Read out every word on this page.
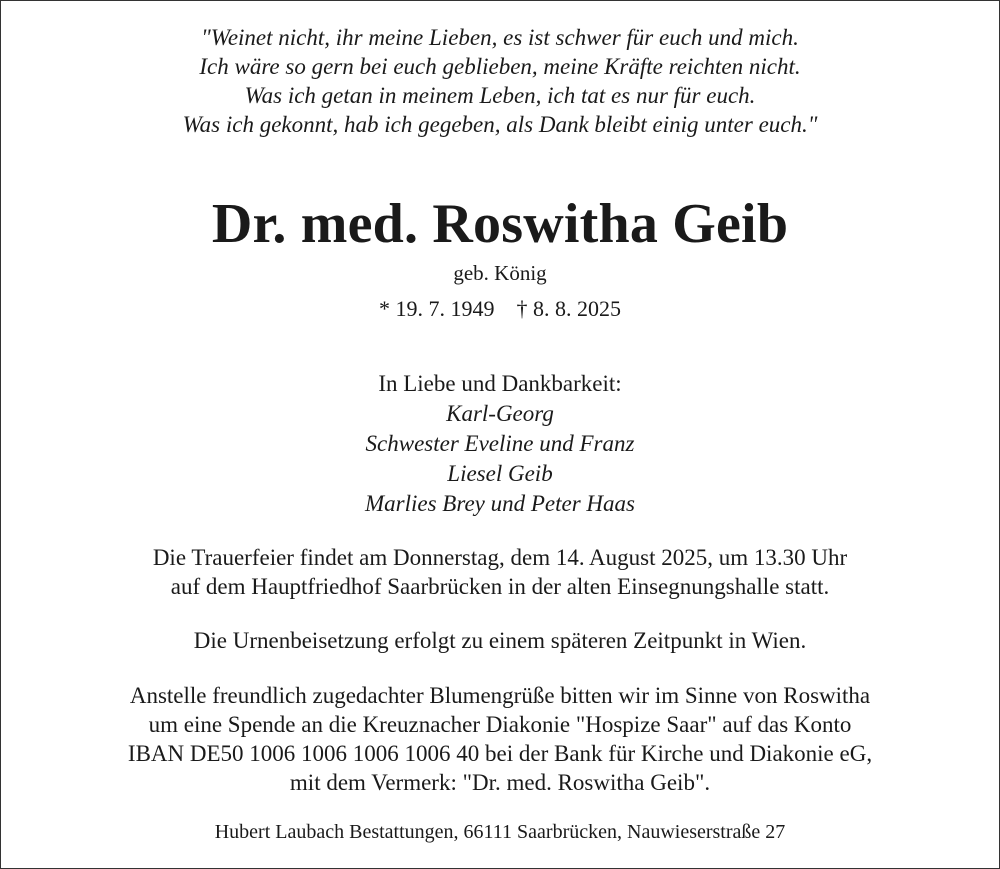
"Weinet nicht, ihr meine Lieben, es ist schwer für euch und mich.
Ich wäre so gern bei euch geblieben, meine Kräfte reichten nicht.
Was ich getan in meinem Leben, ich tat es nur für euch.
Was ich gekonnt, hab ich gegeben, als Dank bleibt einig unter euch."
Dr. med. Roswitha Geib
geb. König
* 19. 7. 1949 † 8. 8. 2025
In Liebe und Dankbarkeit:
Karl-Georg
Schwester Eveline und Franz
Liesel Geib
Marlies Brey und Peter Haas
Die Trauerfeier findet am Donnerstag, dem 14. August 2025, um 13.30 Uhr
auf dem Hauptfriedhof Saarbrücken in der alten Einsegnungshalle statt.
Die Urnenbeisetzung erfolgt zu einem späteren Zeitpunkt in Wien.
Anstelle freundlich zugedachter Blumengrüße bitten wir im Sinne von Roswitha
um eine Spende an die Kreuznacher Diakonie "Hospize Saar" auf das Konto
IBAN DE50 1006 1006 1006 1006 40 bei der Bank für Kirche und Diakonie eG,
mit dem Vermerk: "Dr. med. Roswitha Geib".
Hubert Laubach Bestattungen, 66111 Saarbrücken, Nauwieserstraße 27
